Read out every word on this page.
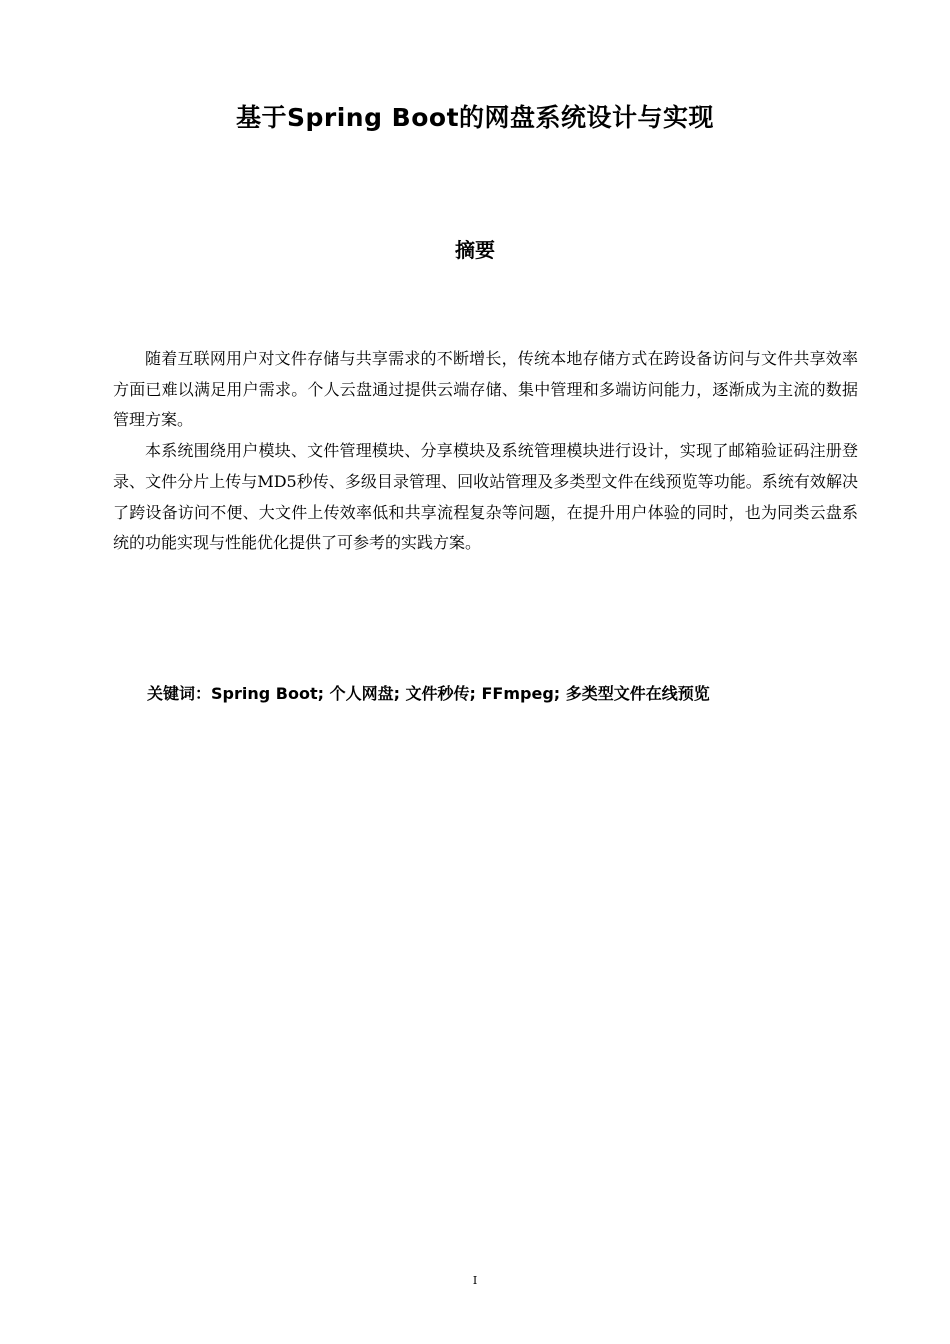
基于Spring Boot的网盘系统设计与实现
摘要

随着互联网用户对文件存储与共享需求的不断增长，传统本地存储方式在跨设备访问与文件共享效率方面已难以满足用户需求。个人云盘通过提供云端存储、集中管理和多端访问能力，逐渐成为主流的数据管理方案。

本系统围绕用户模块、文件管理模块、分享模块及系统管理模块进行设计，实现了邮箱验证码注册登录、文件分片上传与MD5秒传、多级目录管理、回收站管理及多类型文件在线预览等功能。系统有效解决了跨设备访问不便、大文件上传效率低和共享流程复杂等问题，在提升用户体验的同时，也为同类云盘系统的功能实现与性能优化提供了可参考的实践方案。

关键词：Spring Boot; 个人网盘; 文件秒传; FFmpeg; 多类型文件在线预览
I
